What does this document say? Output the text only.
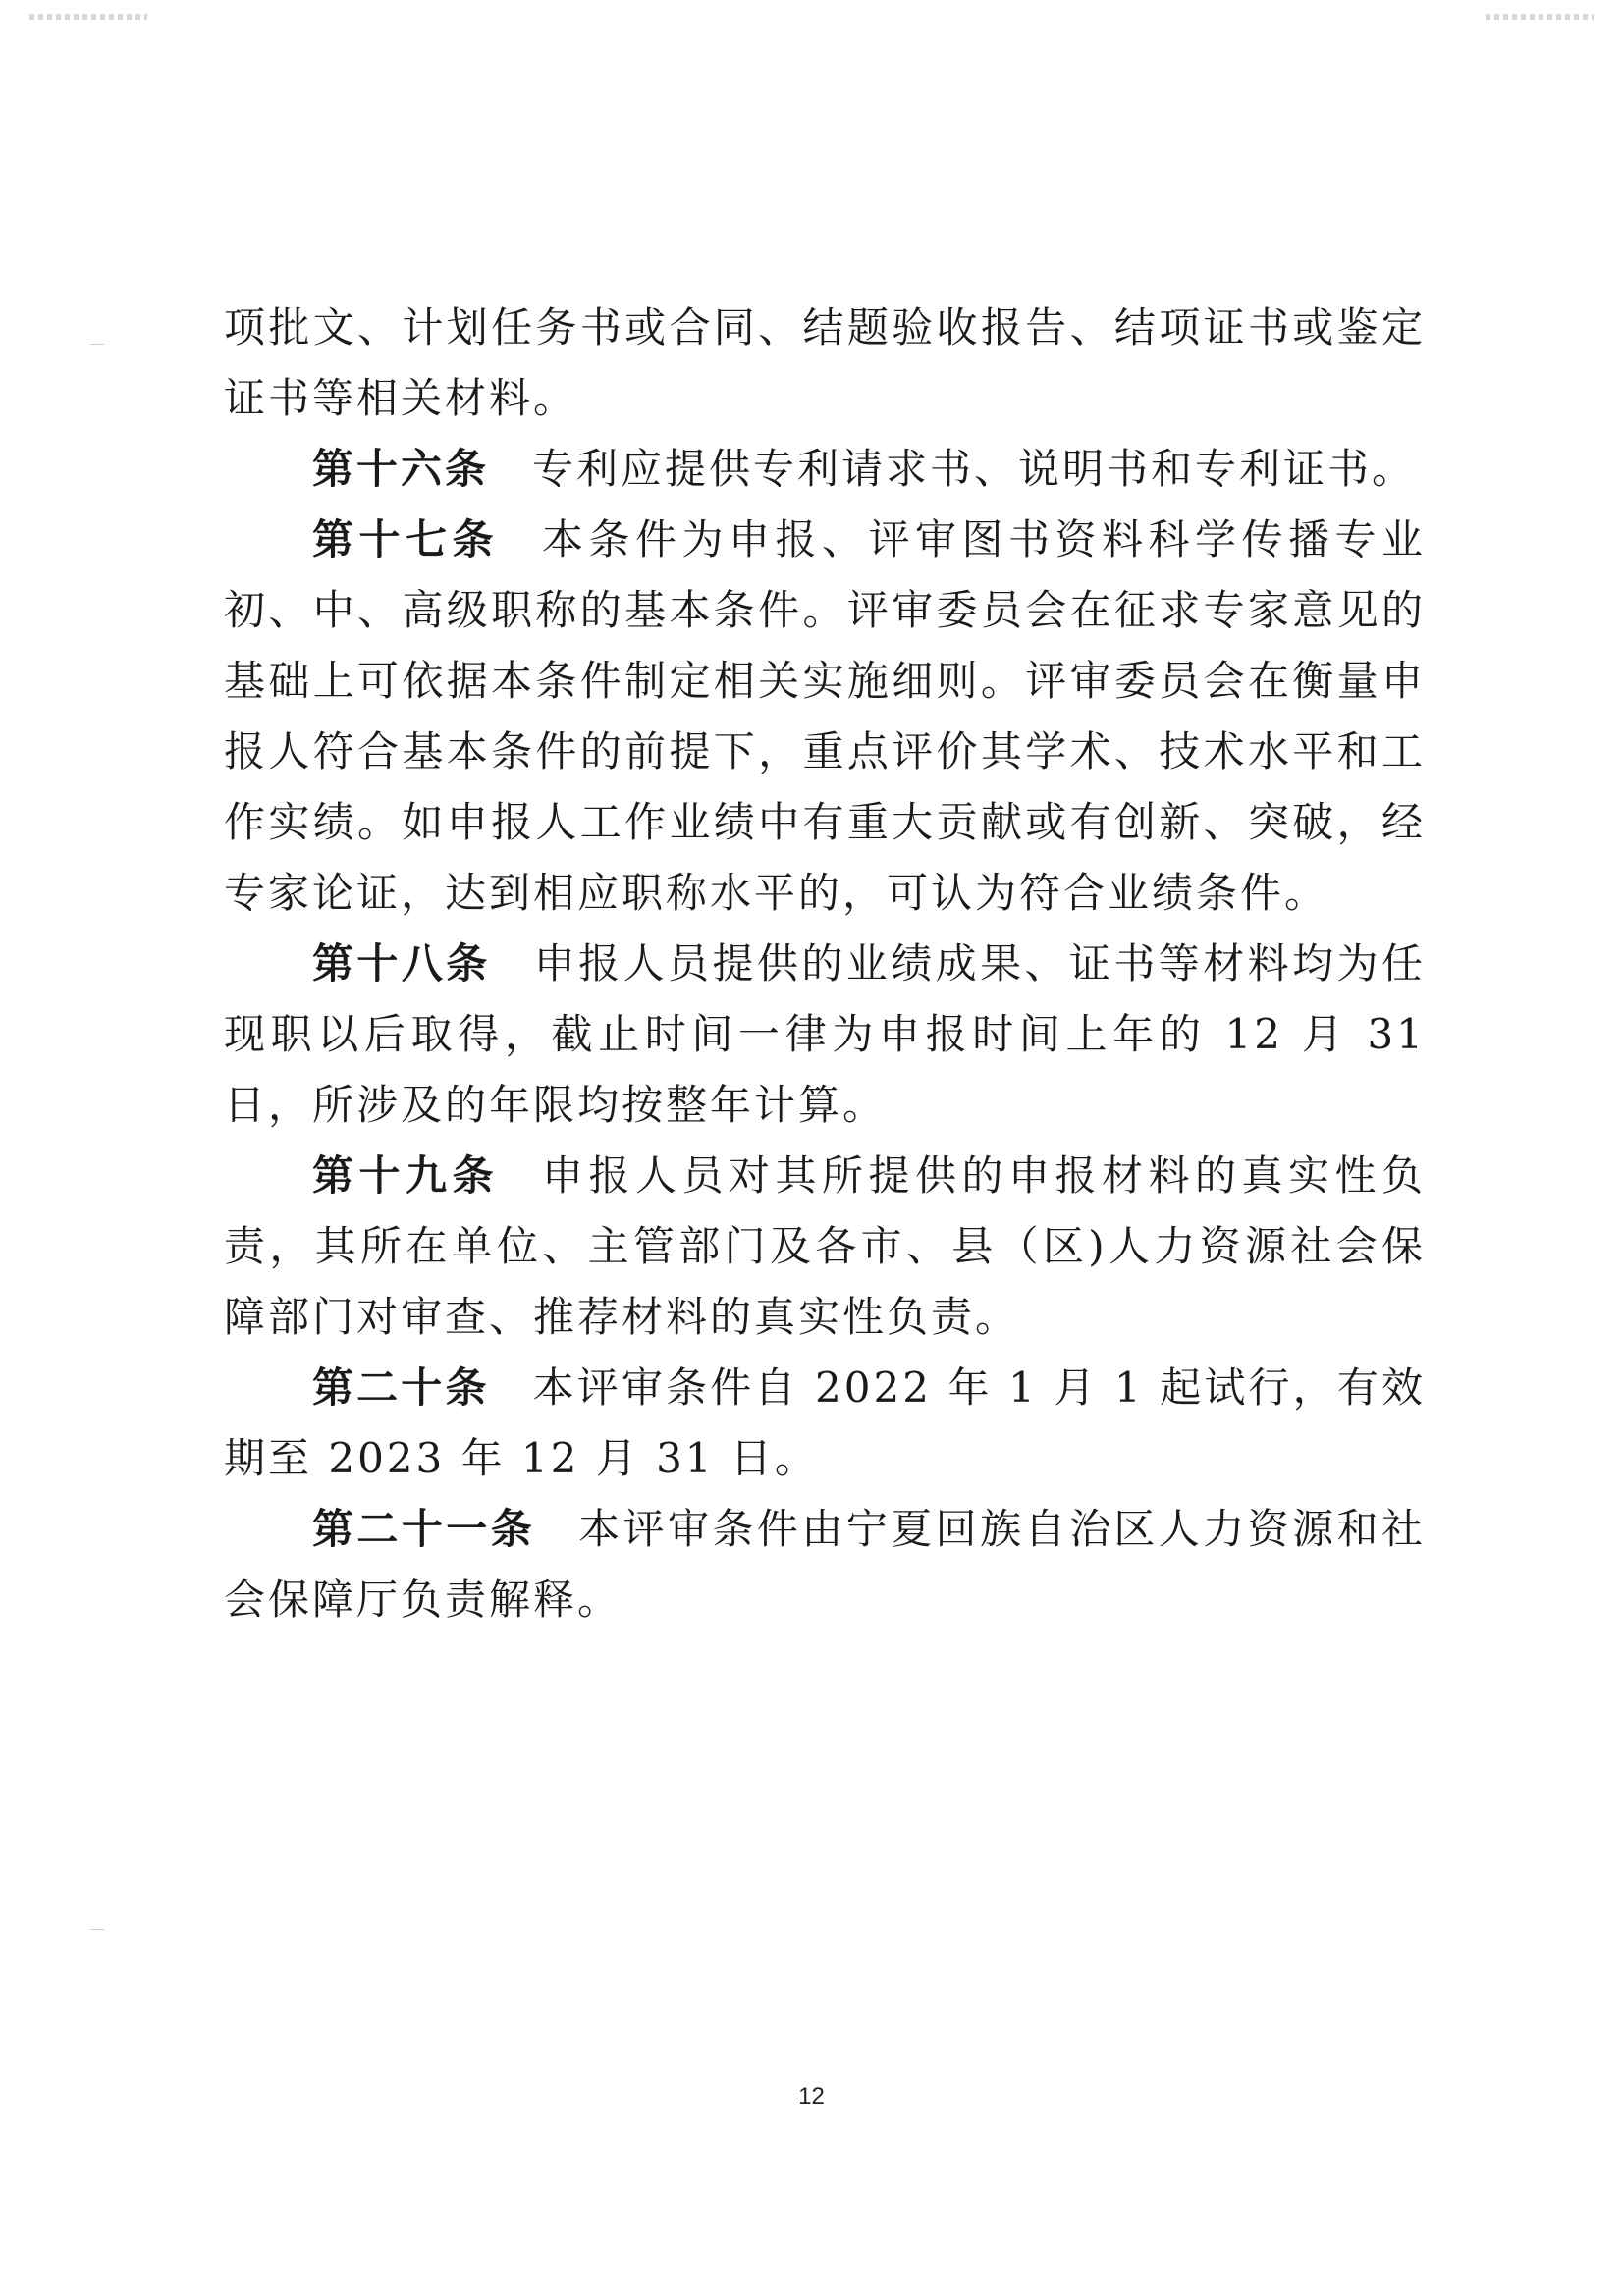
项批文、计划任务书或合同、结题验收报告、结项证书或鉴定证书等相关材料。

第十六条 专利应提供专利请求书、说明书和专利证书。

第十七条 本条件为申报、评审图书资料科学传播专业初、中、高级职称的基本条件。评审委员会在征求专家意见的基础上可依据本条件制定相关实施细则。评审委员会在衡量申报人符合基本条件的前提下，重点评价其学术、技术水平和工作实绩。如申报人工作业绩中有重大贡献或有创新、突破，经专家论证，达到相应职称水平的，可认为符合业绩条件。

第十八条 申报人员提供的业绩成果、证书等材料均为任现职以后取得，截止时间一律为申报时间上年的 12 月 31 日，所涉及的年限均按整年计算。

第十九条 申报人员对其所提供的申报材料的真实性负责，其所在单位、主管部门及各市、县（区)人力资源社会保障部门对审查、推荐材料的真实性负责。

第二十条 本评审条件自 2022 年 1 月 1 起试行，有效期至 2023 年 12 月 31 日。

第二十一条 本评审条件由宁夏回族自治区人力资源和社会保障厅负责解释。

12
